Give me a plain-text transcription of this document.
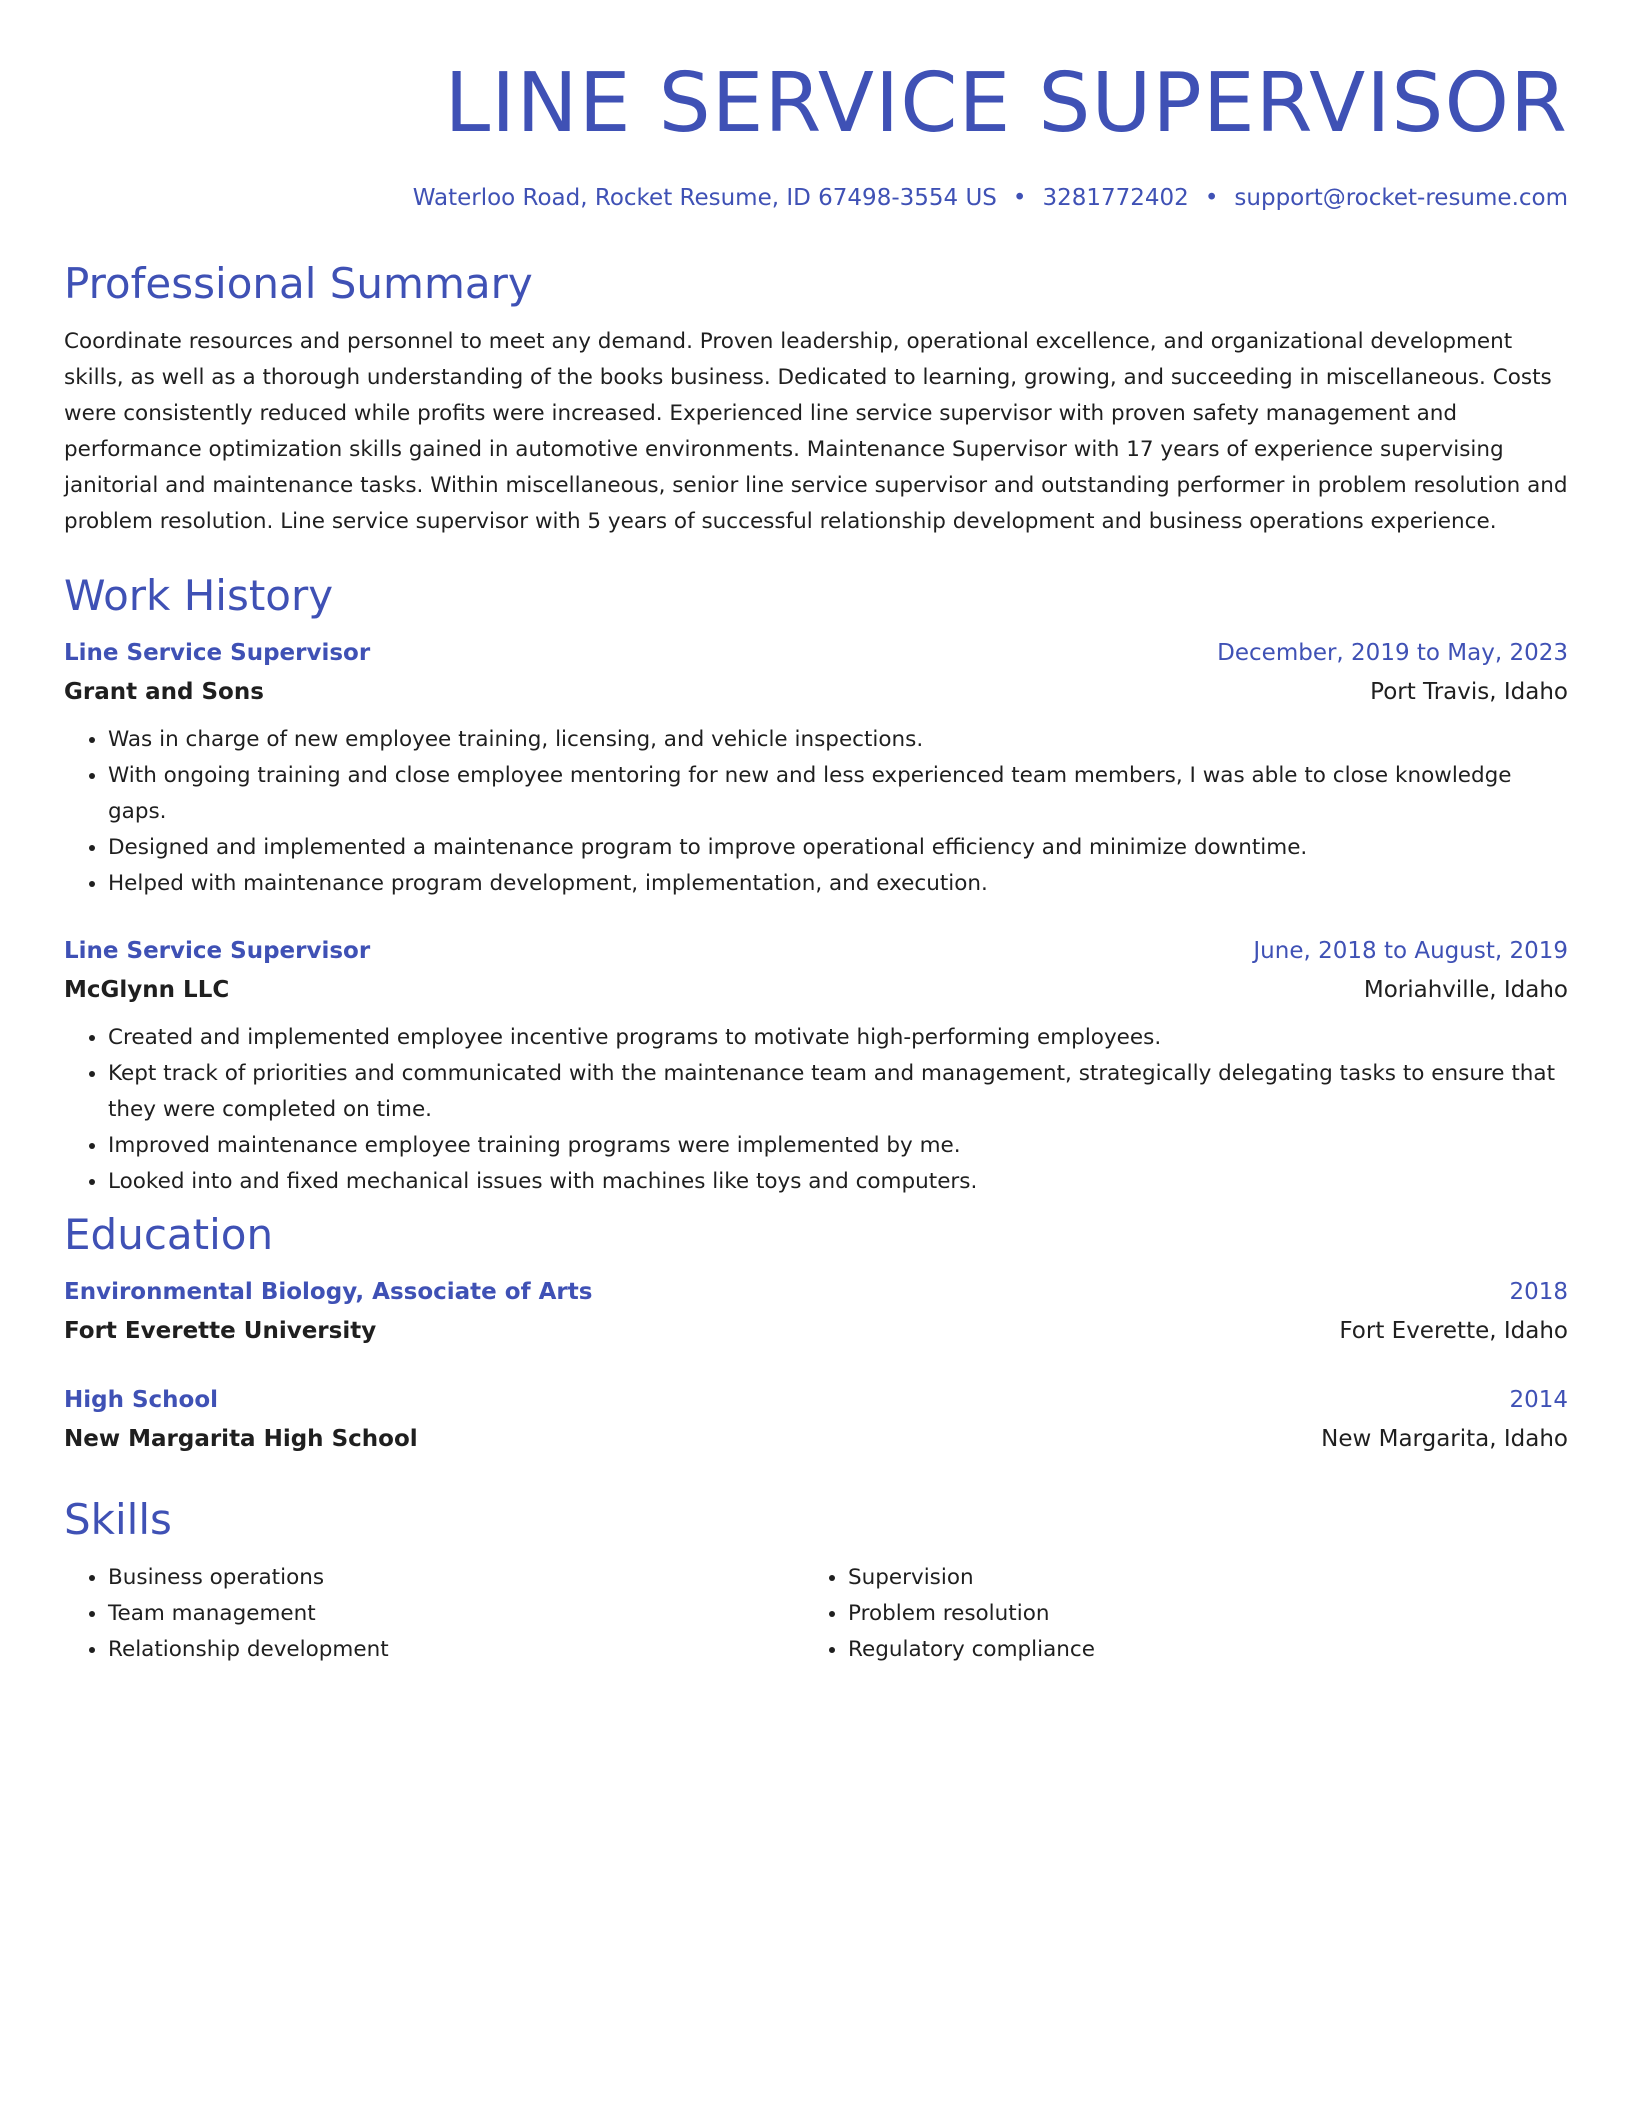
LINE SERVICE SUPERVISOR
Waterloo Road, Rocket Resume, ID 67498-3554 US • 3281772402 • support@rocket-resume.com
Professional Summary

Coordinate resources and personnel to meet any demand. Proven leadership, operational excellence, and organizational development skills, as well as a thorough understanding of the books business. Dedicated to learning, growing, and succeeding in miscellaneous. Costs were consistently reduced while profits were increased. Experienced line service supervisor with proven safety management and performance optimization skills gained in automotive environments. Maintenance Supervisor with 17 years of experience supervising janitorial and maintenance tasks. Within miscellaneous, senior line service supervisor and outstanding performer in problem resolution and problem resolution. Line service supervisor with 5 years of successful relationship development and business operations experience.

Work History
Line Service Supervisor	December, 2019 to May, 2023
Grant and Sons	Port Travis, Idaho
• Was in charge of new employee training, licensing, and vehicle inspections.
• With ongoing training and close employee mentoring for new and less experienced team members, I was able to close knowledge gaps.
• Designed and implemented a maintenance program to improve operational efficiency and minimize downtime.
• Helped with maintenance program development, implementation, and execution.
Line Service Supervisor	June, 2018 to August, 2019
McGlynn LLC	Moriahville, Idaho
• Created and implemented employee incentive programs to motivate high-performing employees.
• Kept track of priorities and communicated with the maintenance team and management, strategically delegating tasks to ensure that they were completed on time.
• Improved maintenance employee training programs were implemented by me.
• Looked into and fixed mechanical issues with machines like toys and computers.
Education
Environmental Biology, Associate of Arts	2018
Fort Everette University	Fort Everette, Idaho
High School	2014
New Margarita High School	New Margarita, Idaho
Skills
• Business operations
• Team management
• Relationship development
• Supervision
• Problem resolution
• Regulatory compliance
